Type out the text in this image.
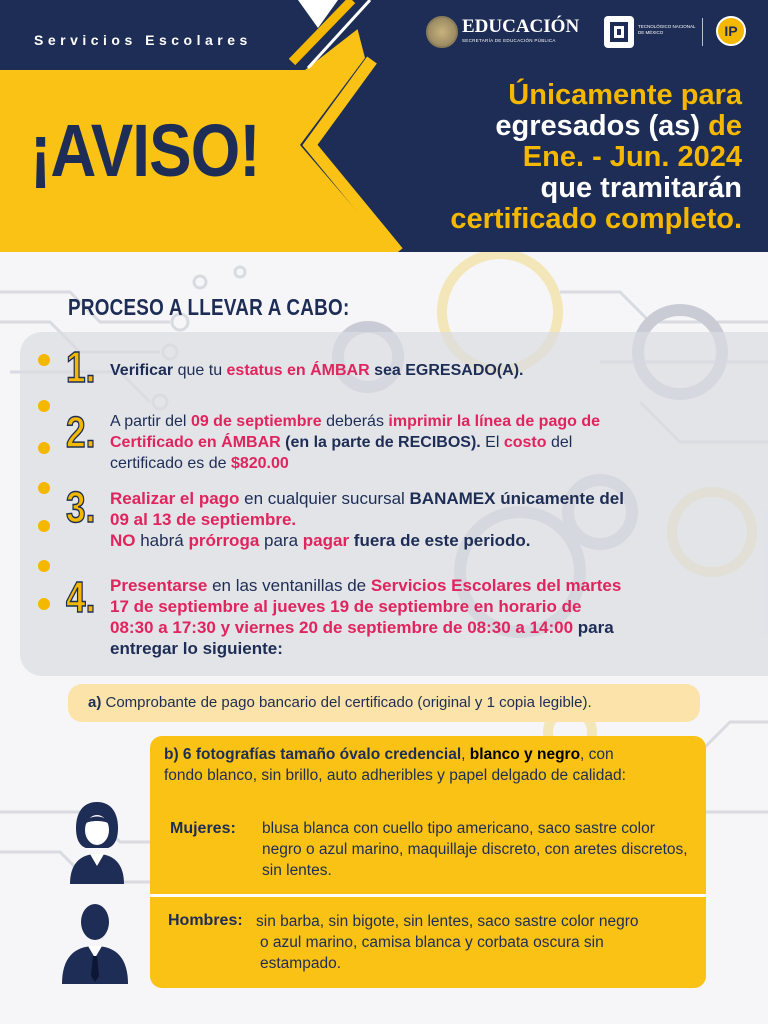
Servicios Escolares
¡AVISO!
Únicamente para
egresados (as) de
Ene. - Jun. 2024
que tramitarán
certificado completo.
EDUCACIÓN
SECRETARÍA DE EDUCACIÓN PÚBLICA
TECNOLÓGICO NACIONAL DE MÉXICO	IP
PROCESO A LLEVAR A CABO:
1. Verificar que tu estatus en ÁMBAR sea EGRESADO(A).
2. A partir del 09 de septiembre deberás imprimir la línea de pago de
Certificado en ÁMBAR (en la parte de RECIBOS). El costo del
certificado es de $820.00
3. Realizar el pago en cualquier sucursal BANAMEX únicamente del
09 al 13 de septiembre.
NO habrá prórroga para pagar fuera de este periodo.
4. Presentarse en las ventanillas de Servicios Escolares del martes
17 de septiembre al jueves 19 de septiembre en horario de
08:30 a 17:30 y viernes 20 de septiembre de 08:30 a 14:00 para
entregar lo siguiente:
a) Comprobante de pago bancario del certificado (original y 1 copia legible).
b) 6 fotografías tamaño óvalo credencial, blanco y negro, con
fondo blanco, sin brillo, auto adheribles y papel delgado de calidad:
Mujeres: blusa blanca con cuello tipo americano, saco sastre color negro o azul marino, maquillaje discreto, con aretes discretos, sin lentes.
Hombres: sin barba, sin bigote, sin lentes, saco sastre color negro
o azul marino, camisa blanca y corbata oscura sin estampado.
